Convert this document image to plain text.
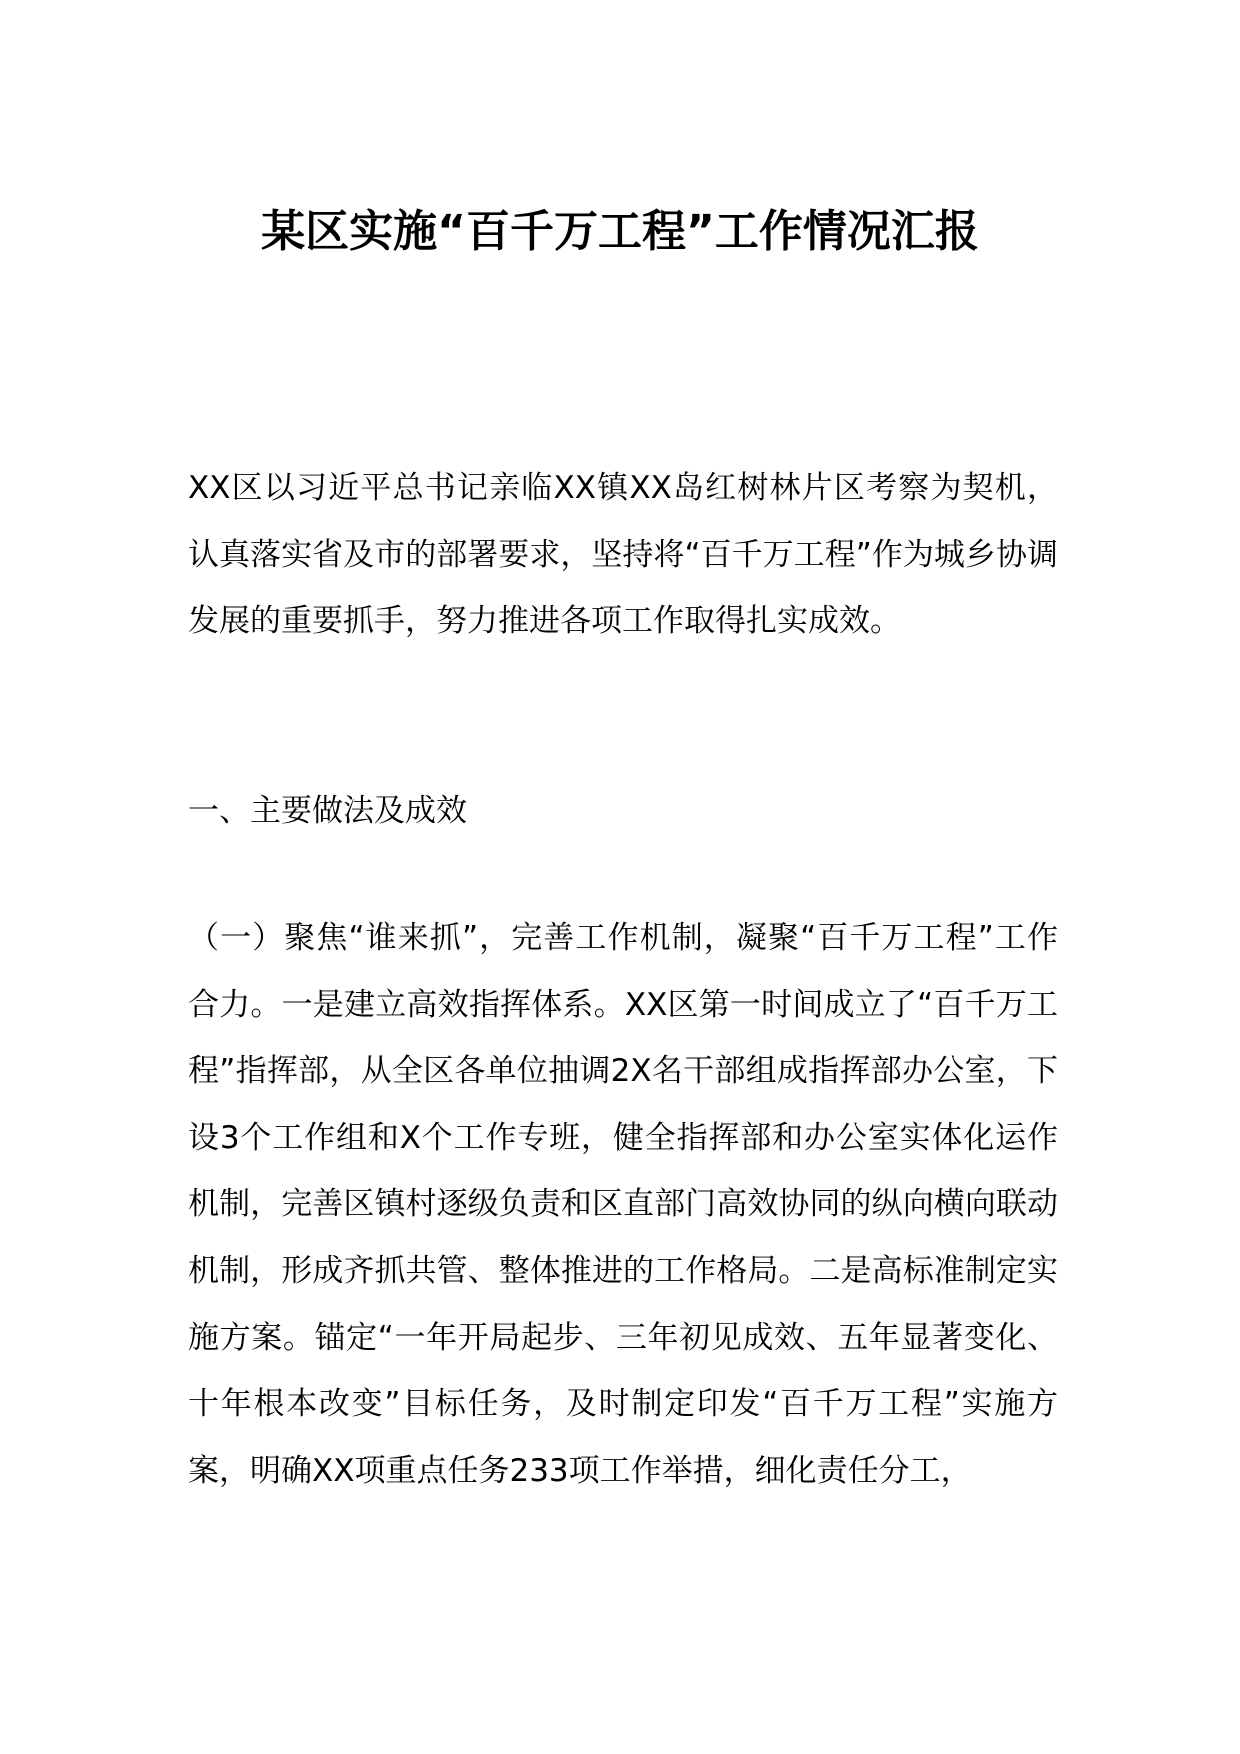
某区实施“百千万工程”工作情况汇报

XX区以习近平总书记亲临XX镇XX岛红树林片区考察为契机，认真落实省及市的部署要求，坚持将“百千万工程”作为城乡协调发展的重要抓手，努力推进各项工作取得扎实成效。

一、主要做法及成效

（一）聚焦“谁来抓”，完善工作机制，凝聚“百千万工程”工作合力。一是建立高效指挥体系。XX区第一时间成立了“百千万工程”指挥部，从全区各单位抽调2X名干部组成指挥部办公室，下设3个工作组和X个工作专班，健全指挥部和办公室实体化运作机制，完善区镇村逐级负责和区直部门高效协同的纵向横向联动机制，形成齐抓共管、整体推进的工作格局。二是高标准制定实施方案。锚定“一年开局起步、三年初见成效、五年显著变化、十年根本改变”目标任务，及时制定印发“百千万工程”实施方案，明确XX项重点任务233项工作举措，细化责任分工，
